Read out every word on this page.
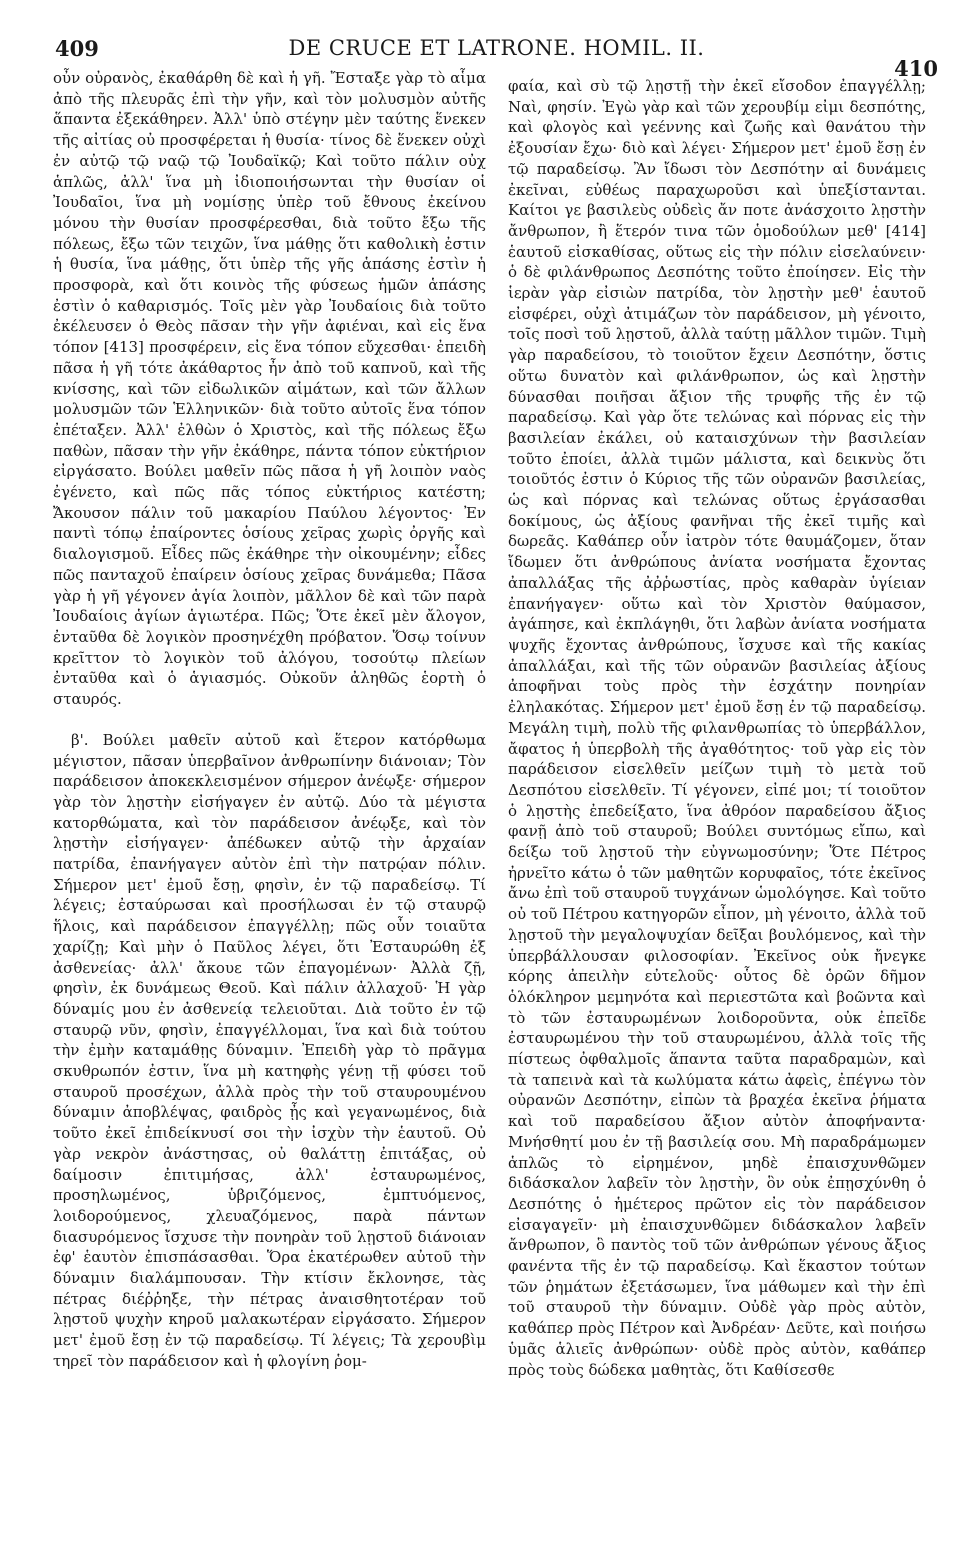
409	DE CRUCE ET LATRONE. HOMIL. II.
410

οὖν οὐρανὸς, ἐκαθάρθη δὲ καὶ ἡ γῆ. Ἔσταξε γὰρ τὸ αἷμα ἀπὸ τῆς πλευρᾶς ἐπὶ τὴν γῆν, καὶ τὸν μολυσμὸν αὐτῆς ἅπαντα ἐξεκάθηρεν. Ἀλλ' ὑπὸ στέγην μὲν ταύτης ἕνεκεν τῆς αἰτίας οὐ προσφέρεται ἡ θυσία· τίνος δὲ ἕνεκεν οὐχὶ ἐν αὐτῷ τῷ ναῷ τῷ Ἰουδαϊκῷ; Καὶ τοῦτο πάλιν οὐχ ἁπλῶς, ἀλλ' ἵνα μὴ ἰδιοποιήσωνται τὴν θυσίαν οἱ Ἰουδαῖοι, ἵνα μὴ νομίσῃς ὑπὲρ τοῦ ἔθνους ἐκείνου μόνου τὴν θυσίαν προσφέρεσθαι, διὰ τοῦτο ἔξω τῆς πόλεως, ἔξω τῶν τειχῶν, ἵνα μάθῃς ὅτι καθολικὴ ἐστιν ἡ θυσία, ἵνα μάθῃς, ὅτι ὑπὲρ τῆς γῆς ἁπάσης ἐστὶν ἡ προσφορὰ, καὶ ὅτι κοινὸς τῆς φύσεως ἡμῶν ἁπάσης ἐστὶν ὁ καθαρισμός. Τοῖς μὲν γὰρ Ἰουδαίοις διὰ τοῦτο ἐκέλευσεν ὁ Θεὸς πᾶσαν τὴν γῆν ἀφιέναι, καὶ εἰς ἕνα τόπον [413] προσφέρειν, εἰς ἕνα τόπον εὔχεσθαι· ἐπειδὴ πᾶσα ἡ γῆ τότε ἀκάθαρτος ἦν ἀπὸ τοῦ καπνοῦ, καὶ τῆς κνίσσης, καὶ τῶν εἰδωλικῶν αἱμάτων, καὶ τῶν ἄλλων μολυσμῶν τῶν Ἑλληνικῶν· διὰ τοῦτο αὐτοῖς ἕνα τόπον ἐπέταξεν. Ἀλλ' ἐλθὼν ὁ Χριστὸς, καὶ τῆς πόλεως ἔξω παθὼν, πᾶσαν τὴν γῆν ἐκάθηρε, πάντα τόπον εὐκτήριον εἰργάσατο. Βούλει μαθεῖν πῶς πᾶσα ἡ γῆ λοιπὸν ναὸς ἐγένετο, καὶ πῶς πᾶς τόπος εὐκτήριος κατέστη; Ἄκουσον πάλιν τοῦ μακαρίου Παύλου λέγοντος· Ἐν παντὶ τόπῳ ἐπαίροντες ὁσίους χεῖρας χωρὶς ὀργῆς καὶ διαλογισμοῦ. Εἶδες πῶς ἐκάθηρε τὴν οἰκουμένην; εἶδες πῶς πανταχοῦ ἐπαίρειν ὁσίους χεῖρας δυνάμεθα; Πᾶσα γὰρ ἡ γῆ γέγονεν ἁγία λοιπὸν, μᾶλλον δὲ καὶ τῶν παρὰ Ἰουδαίοις ἁγίων ἁγιωτέρα. Πῶς; Ὅτε ἐκεῖ μὲν ἄλογον, ἐνταῦθα δὲ λογικὸν προσηνέχθη πρόβατον. Ὅσῳ τοίνυν κρεῖττον τὸ λογικὸν τοῦ ἀλόγου, τοσούτῳ πλείων ἐνταῦθα καὶ ὁ ἁγιασμός. Οὐκοῦν ἀληθῶς ἑορτὴ ὁ σταυρός.

β'. Βούλει μαθεῖν αὐτοῦ καὶ ἕτερον κατόρθωμα μέγιστον, πᾶσαν ὑπερβαῖνον ἀνθρωπίνην διάνοιαν; Τὸν παράδεισον ἀποκεκλεισμένον σήμερον ἀνέῳξε· σήμερον γὰρ τὸν λῃστὴν εἰσήγαγεν ἐν αὐτῷ. Δύο τὰ μέγιστα κατορθώματα, καὶ τὸν παράδεισον ἀνέῳξε, καὶ τὸν λῃστὴν εἰσήγαγεν· ἀπέδωκεν αὐτῷ τὴν ἀρχαίαν πατρίδα, ἐπανήγαγεν αὐτὸν ἐπὶ τὴν πατρῴαν πόλιν. Σήμερον μετ' ἐμοῦ ἔσῃ, φησὶν, ἐν τῷ παραδείσῳ. Τί λέγεις; ἐσταύρωσαι καὶ προσήλωσαι ἐν τῷ σταυρῷ ἥλοις, καὶ παράδεισον ἐπαγγέλλῃ; πῶς οὖν τοιαῦτα χαρίζῃ; Καὶ μὴν ὁ Παῦλος λέγει, ὅτι Ἐσταυρώθη ἐξ ἀσθενείας· ἀλλ' ἄκουε τῶν ἐπαγομένων· Ἀλλὰ ζῇ, φησὶν, ἐκ δυνάμεως Θεοῦ. Καὶ πάλιν ἀλλαχοῦ· Ἡ γὰρ δύναμίς μου ἐν ἀσθενείᾳ τελειοῦται. Διὰ τοῦτο ἐν τῷ σταυρῷ νῦν, φησὶν, ἐπαγγέλλομαι, ἵνα καὶ διὰ τούτου τὴν ἐμὴν καταμάθῃς δύναμιν. Ἐπειδὴ γὰρ τὸ πρᾶγμα σκυθρωπόν ἐστιν, ἵνα μὴ κατηφὴς γένῃ τῇ φύσει τοῦ σταυροῦ προσέχων, ἀλλὰ πρὸς τὴν τοῦ σταυρουμένου δύναμιν ἀποβλέψας, φαιδρὸς ᾖς καὶ γεγανωμένος, διὰ τοῦτο ἐκεῖ ἐπιδείκνυσί σοι τὴν ἰσχὺν τὴν ἑαυτοῦ. Οὐ γὰρ νεκρὸν ἀνάστησας, οὐ θαλάττῃ ἐπιτάξας, οὐ δαίμοσιν ἐπιτιμήσας, ἀλλ' ἐσταυρωμένος, προσηλωμένος, ὑβριζόμενος, ἐμπτυόμενος, λοιδορούμενος, χλευαζόμενος, παρὰ πάντων διασυρόμενος ἴσχυσε τὴν πονηρὰν τοῦ λῃστοῦ διάνοιαν ἐφ' ἑαυτὸν ἐπισπάσασθαι. Ὅρα ἑκατέρωθεν αὐτοῦ τὴν δύναμιν διαλάμπουσαν. Τὴν κτίσιν ἔκλονησε, τὰς πέτρας διέῤῥηξε, τὴν πέτρας ἀναισθητοτέραν τοῦ λῃστοῦ ψυχὴν κηροῦ μαλακωτέραν εἰργάσατο. Σήμερον μετ' ἐμοῦ ἔσῃ ἐν τῷ παραδείσῳ. Τί λέγεις; Τὰ χερουβὶμ τηρεῖ τὸν παράδεισον καὶ ἡ φλογίνη ῥομ-

φαία, καὶ σὺ τῷ λῃστῇ τὴν ἐκεῖ εἴσοδον ἐπαγγέλλῃ; Ναὶ, φησίν. Ἐγὼ γὰρ καὶ τῶν χερουβίμ εἰμι δεσπότης, καὶ φλογὸς καὶ γεέννης καὶ ζωῆς καὶ θανάτου τὴν ἐξουσίαν ἔχω· διὸ καὶ λέγει· Σήμερον μετ' ἐμοῦ ἔσῃ ἐν τῷ παραδείσῳ. Ἂν ἴδωσι τὸν Δεσπότην αἱ δυνάμεις ἐκεῖναι, εὐθέως παραχωροῦσι καὶ ὑπεξίστανται. Καίτοι γε βασιλεὺς οὐδεὶς ἄν ποτε ἀνάσχοιτο λῃστὴν ἄνθρωπον, ἢ ἕτερόν τινα τῶν ὁμοδούλων μεθ' [414] ἑαυτοῦ εἰσκαθίσας, οὕτως εἰς τὴν πόλιν εἰσελαύνειν· ὁ δὲ φιλάνθρωπος Δεσπότης τοῦτο ἐποίησεν. Εἰς τὴν ἱερὰν γὰρ εἰσιὼν πατρίδα, τὸν λῃστὴν μεθ' ἑαυτοῦ εἰσφέρει, οὐχὶ ἀτιμάζων τὸν παράδεισον, μὴ γένοιτο, τοῖς ποσὶ τοῦ λῃστοῦ, ἀλλὰ ταύτῃ μᾶλλον τιμῶν. Τιμὴ γὰρ παραδείσου, τὸ τοιοῦτον ἔχειν Δεσπότην, ὅστις οὕτω δυνατὸν καὶ φιλάνθρωπον, ὡς καὶ λῃστὴν δύνασθαι ποιῆσαι ἄξιον τῆς τρυφῆς τῆς ἐν τῷ παραδείσῳ. Καὶ γὰρ ὅτε τελώνας καὶ πόρνας εἰς τὴν βασιλείαν ἐκάλει, οὐ καταισχύνων τὴν βασιλείαν τοῦτο ἐποίει, ἀλλὰ τιμῶν μάλιστα, καὶ δεικνὺς ὅτι τοιοῦτός ἐστιν ὁ Κύριος τῆς τῶν οὐρανῶν βασιλείας, ὡς καὶ πόρνας καὶ τελώνας οὕτως ἐργάσασθαι δοκίμους, ὡς ἀξίους φανῆναι τῆς ἐκεῖ τιμῆς καὶ δωρεᾶς. Καθάπερ οὖν ἰατρὸν τότε θαυμάζομεν, ὅταν ἴδωμεν ὅτι ἀνθρώπους ἀνίατα νοσήματα ἔχοντας ἀπαλλάξας τῆς ἀῤῥωστίας, πρὸς καθαρὰν ὑγίειαν ἐπανήγαγεν· οὕτω καὶ τὸν Χριστὸν θαύμασον, ἀγάπησε, καὶ ἐκπλάγηθι, ὅτι λαβὼν ἀνίατα νοσήματα ψυχῆς ἔχοντας ἀνθρώπους, ἴσχυσε καὶ τῆς κακίας ἀπαλλάξαι, καὶ τῆς τῶν οὐρανῶν βασιλείας ἀξίους ἀποφῆναι τοὺς πρὸς τὴν ἐσχάτην πονηρίαν ἐληλακότας. Σήμερον μετ' ἐμοῦ ἔσῃ ἐν τῷ παραδείσῳ. Μεγάλη τιμὴ, πολὺ τῆς φιλανθρωπίας τὸ ὑπερβάλλον, ἄφατος ἡ ὑπερβολὴ τῆς ἀγαθότητος· τοῦ γὰρ εἰς τὸν παράδεισον εἰσελθεῖν μείζων τιμὴ τὸ μετὰ τοῦ Δεσπότου εἰσελθεῖν. Τί γέγονεν, εἰπέ μοι; τί τοιοῦτον ὁ λῃστὴς ἐπεδείξατο, ἵνα ἀθρόον παραδείσου ἄξιος φανῇ ἀπὸ τοῦ σταυροῦ; Βούλει συντόμως εἴπω, καὶ δείξω τοῦ λῃστοῦ τὴν εὐγνωμοσύνην; Ὅτε Πέτρος ἠρνεῖτο κάτω ὁ τῶν μαθητῶν κορυφαῖος, τότε ἐκεῖνος ἄνω ἐπὶ τοῦ σταυροῦ τυγχάνων ὡμολόγησε. Καὶ τοῦτο οὐ τοῦ Πέτρου κατηγορῶν εἶπον, μὴ γένοιτο, ἀλλὰ τοῦ λῃστοῦ τὴν μεγαλοψυχίαν δεῖξαι βουλόμενος, καὶ τὴν ὑπερβάλλουσαν φιλοσοφίαν. Ἐκεῖνος οὐκ ἤνεγκε κόρης ἀπειλὴν εὐτελοῦς· οὗτος δὲ ὁρῶν δῆμον ὁλόκληρον μεμηνότα καὶ περιεστῶτα καὶ βοῶντα καὶ τὸ τῶν ἐσταυρωμένων λοιδοροῦντα, οὐκ ἐπεῖδε ἐσταυρωμένου τὴν τοῦ σταυρωμένου, ἀλλὰ τοῖς τῆς πίστεως ὀφθαλμοῖς ἅπαντα ταῦτα παραδραμὼν, καὶ τὰ ταπεινὰ καὶ τὰ κωλύματα κάτω ἀφεὶς, ἐπέγνω τὸν οὐρανῶν Δεσπότην, εἰπὼν τὰ βραχέα ἐκεῖνα ῥήματα καὶ τοῦ παραδείσου ἄξιον αὐτὸν ἀποφήναντα· Μνήσθητί μου ἐν τῇ βασιλείᾳ σου. Μὴ παραδράμωμεν ἁπλῶς τὸ εἰρημένον, μηδὲ ἐπαισχυνθῶμεν διδάσκαλον λαβεῖν τὸν λῃστὴν, ὃν οὐκ ἐπῃσχύνθη ὁ Δεσπότης ὁ ἡμέτερος πρῶτον εἰς τὸν παράδεισον εἰσαγαγεῖν· μὴ ἐπαισχυνθῶμεν διδάσκαλον λαβεῖν ἄνθρωπον, ὃ παντὸς τοῦ τῶν ἀνθρώπων γένους ἄξιος φανέντα τῆς ἐν τῷ παραδείσῳ. Καὶ ἕκαστον τούτων τῶν ῥημάτων ἐξετάσωμεν, ἵνα μάθωμεν καὶ τὴν ἐπὶ τοῦ σταυροῦ τὴν δύναμιν. Οὐδὲ γὰρ πρὸς αὐτὸν, καθάπερ πρὸς Πέτρον καὶ Ἀνδρέαν· Δεῦτε, καὶ ποιήσω ὑμᾶς ἁλιεῖς ἀνθρώπων· οὐδὲ πρὸς αὐτὸν, καθάπερ πρὸς τοὺς δώδεκα μαθητὰς, ὅτι Καθίσεσθε
